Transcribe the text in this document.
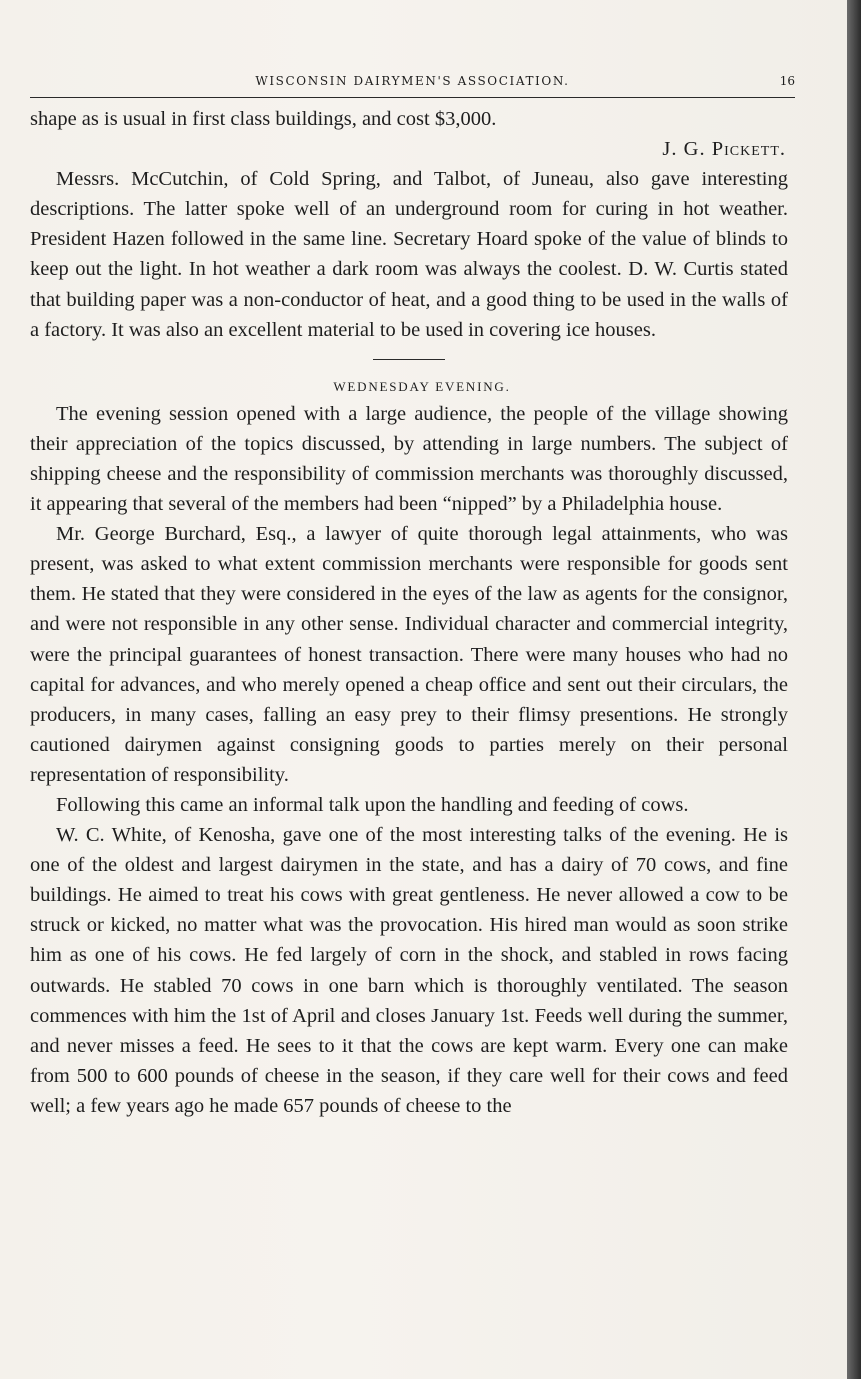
WISCONSIN DAIRYMEN'S ASSOCIATION.	16

shape as is usual in first class buildings, and cost $3,000.

J. G. Pickett.

Messrs. McCutchin, of Cold Spring, and Talbot, of Juneau, also gave interesting descriptions. The latter spoke well of an underground room for curing in hot weather. President Hazen followed in the same line. Secretary Hoard spoke of the value of blinds to keep out the light. In hot weather a dark room was always the coolest. D. W. Curtis stated that building paper was a non-conductor of heat, and a good thing to be used in the walls of a factory. It was also an excellent material to be used in covering ice houses.

WEDNESDAY EVENING.

The evening session opened with a large audience, the people of the village showing their appreciation of the topics discussed, by attending in large numbers. The subject of shipping cheese and the responsibility of commission merchants was thoroughly discussed, it appearing that several of the members had been “nipped” by a Philadelphia house.

Mr. George Burchard, Esq., a lawyer of quite thorough legal attainments, who was present, was asked to what extent commission merchants were responsible for goods sent them. He stated that they were considered in the eyes of the law as agents for the consignor, and were not responsible in any other sense. Individual character and commercial integrity, were the principal guarantees of honest transaction. There were many houses who had no capital for advances, and who merely opened a cheap office and sent out their circulars, the producers, in many cases, falling an easy prey to their flimsy presentions. He strongly cautioned dairymen against consigning goods to parties merely on their personal representation of responsibility.

Following this came an informal talk upon the handling and feeding of cows.

W. C. White, of Kenosha, gave one of the most interesting talks of the evening. He is one of the oldest and largest dairymen in the state, and has a dairy of 70 cows, and fine buildings. He aimed to treat his cows with great gentleness. He never allowed a cow to be struck or kicked, no matter what was the provocation. His hired man would as soon strike him as one of his cows. He fed largely of corn in the shock, and stabled in rows facing outwards. He stabled 70 cows in one barn which is thoroughly ventilated. The season commences with him the 1st of April and closes January 1st. Feeds well during the summer, and never misses a feed. He sees to it that the cows are kept warm. Every one can make from 500 to 600 pounds of cheese in the season, if they care well for their cows and feed well; a few years ago he made 657 pounds of cheese to the
